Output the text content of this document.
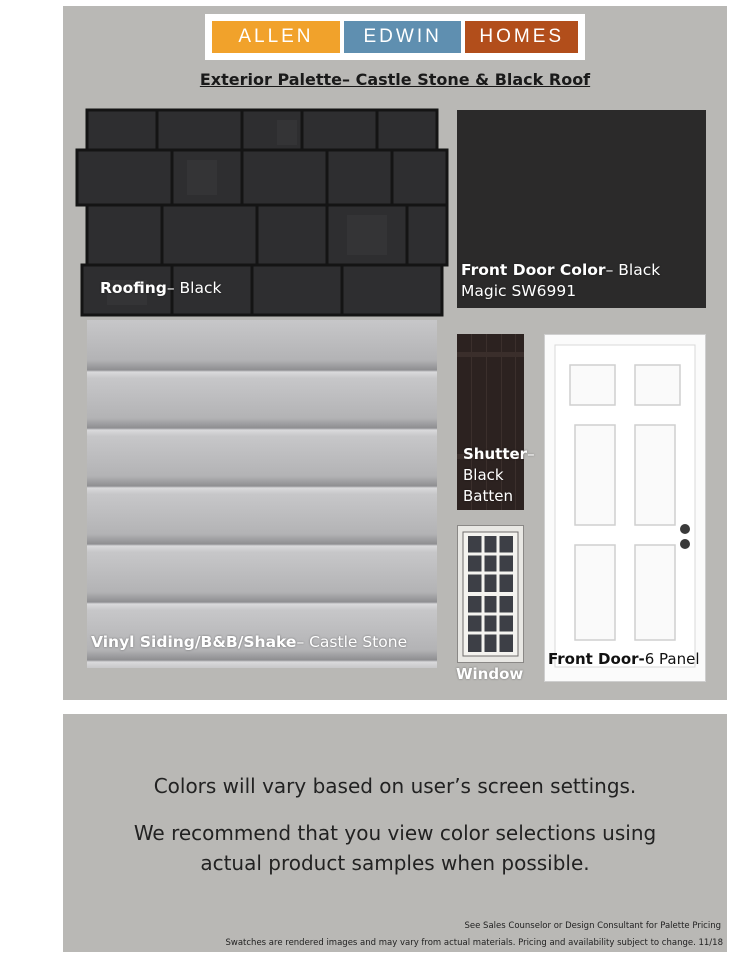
ALLEN	EDWIN	HOMES
Exterior Palette– Castle Stone & Black Roof
Roofing– Black
Front Door Color– Black
Magic SW6991
Vinyl Siding/B&B/Shake– Castle Stone
Shutter–
Black
Batten
Window
Front Door-6 Panel
Colors will vary based on user’s screen settings.
We recommend that you view color selections using
actual product samples when possible.
See Sales Counselor or Design Consultant for Palette Pricing
Swatches are rendered images and may vary from actual materials. Pricing and availability subject to change. 11/18
